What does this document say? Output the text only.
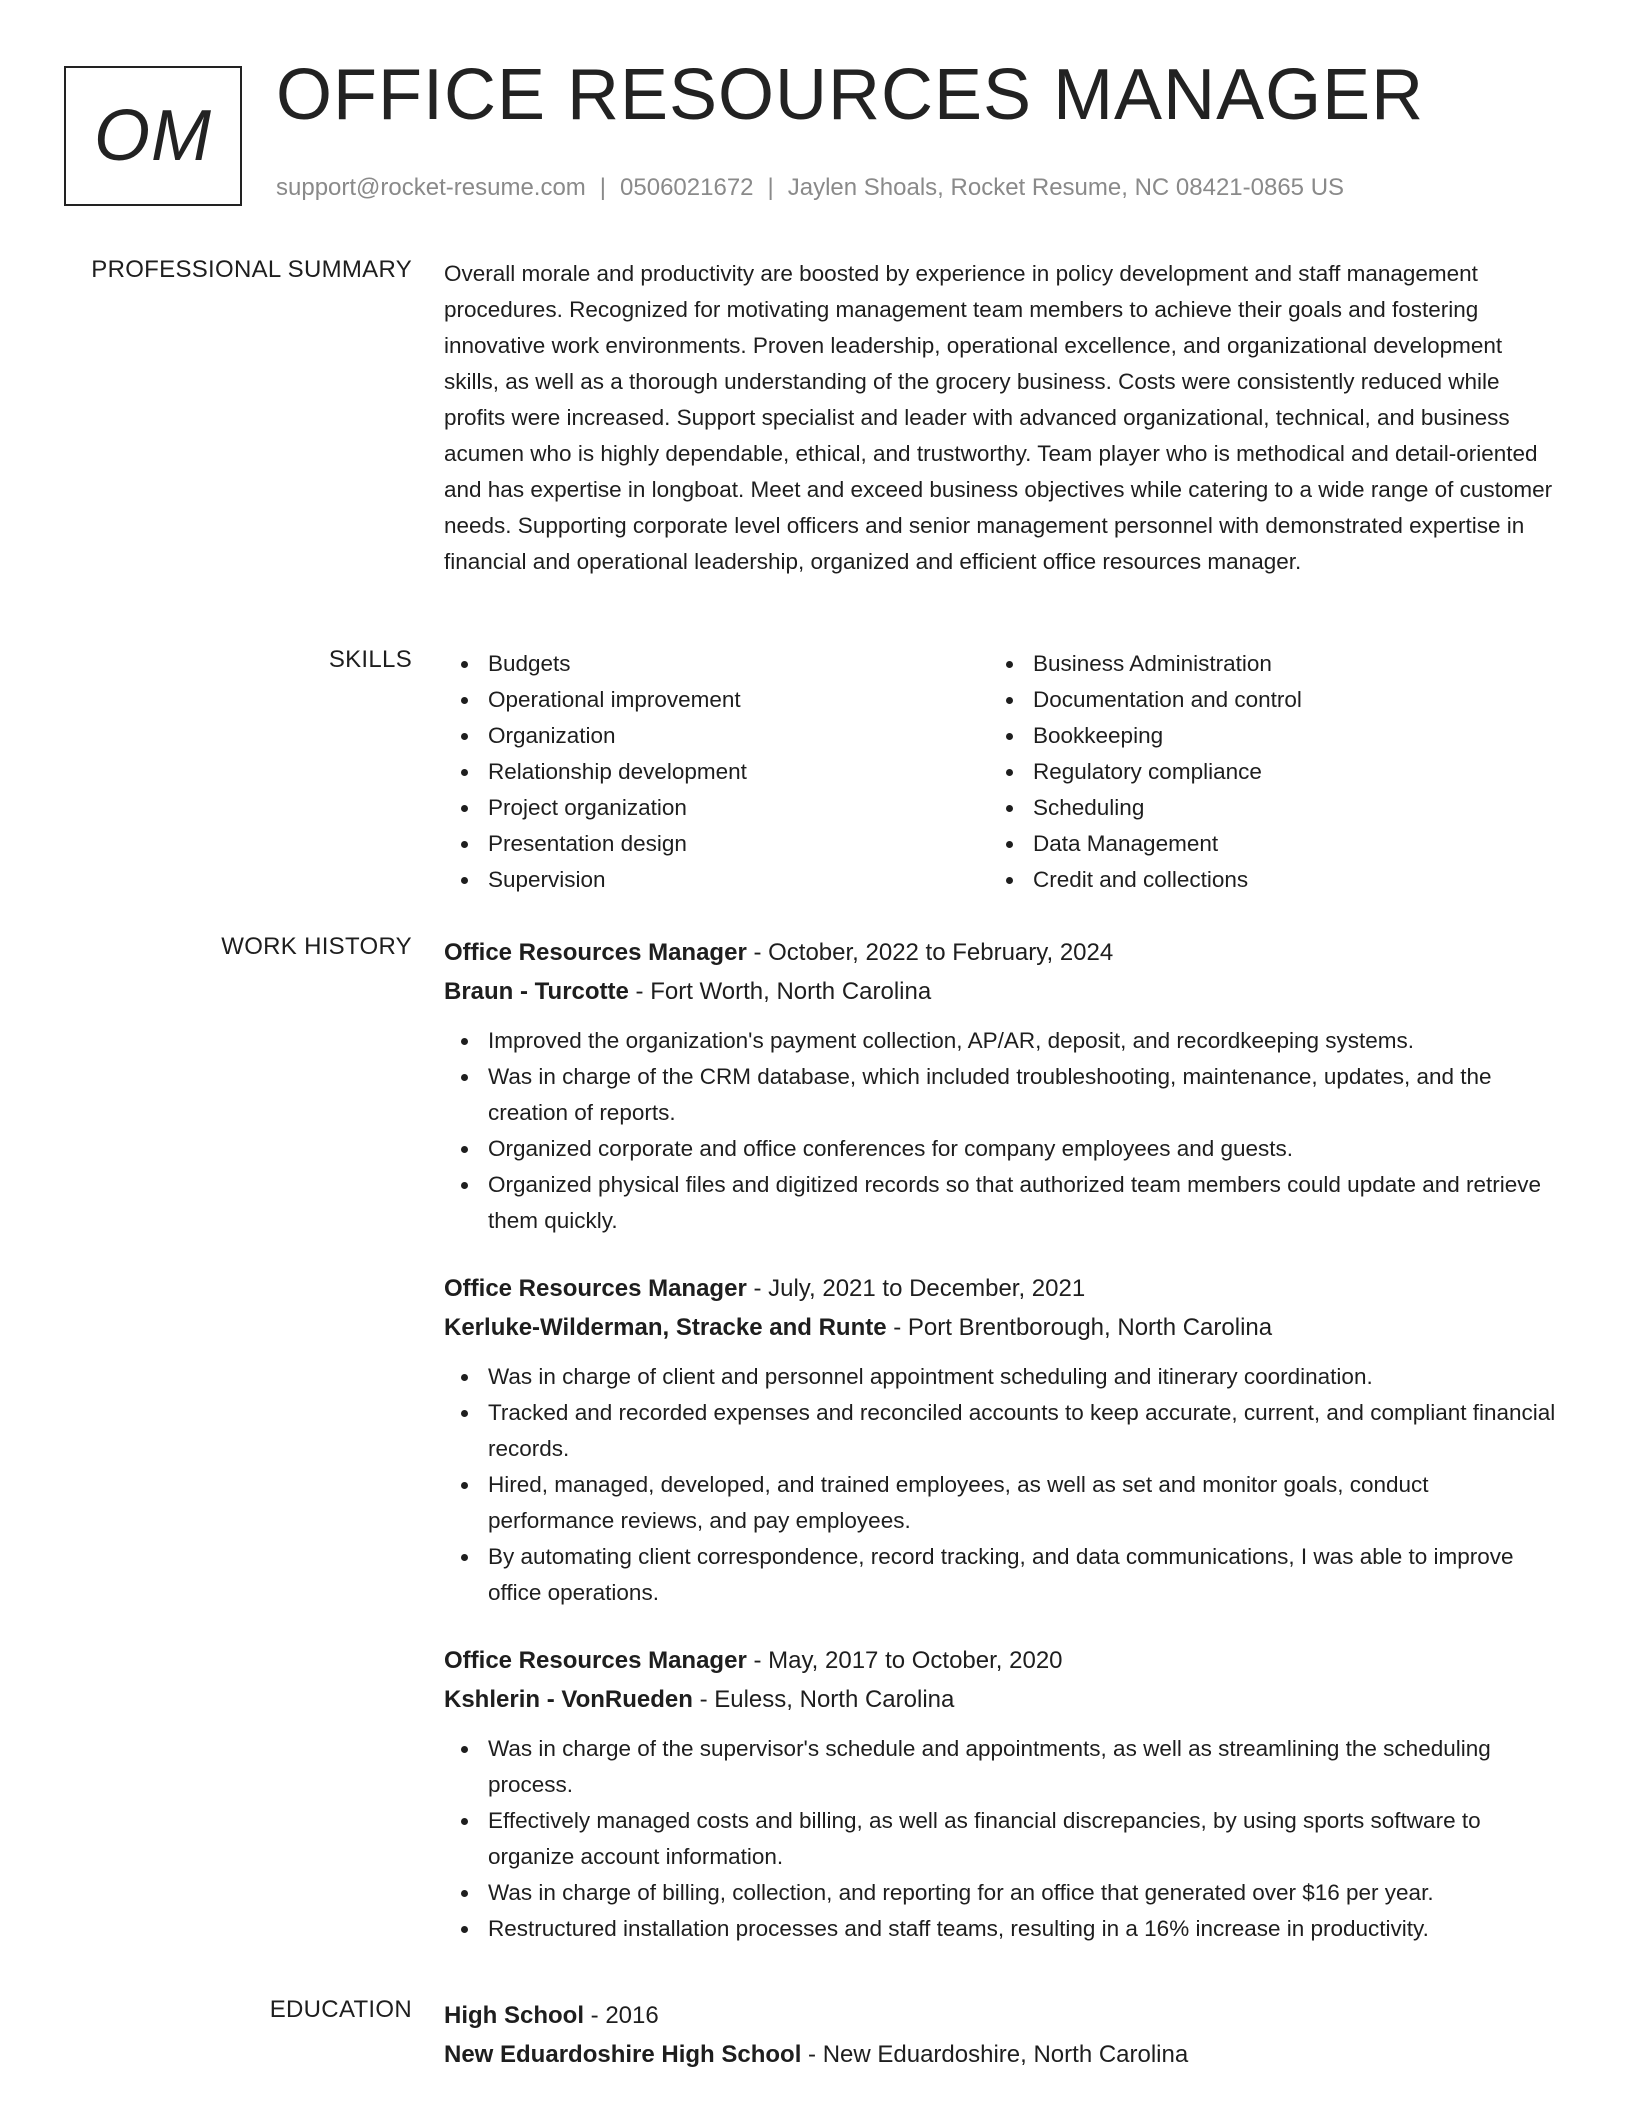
OM
OFFICE RESOURCES MANAGER
support@rocket-resume.com | 0506021672 | Jaylen Shoals, Rocket Resume, NC 08421-0865 US
PROFESSIONAL SUMMARY Overall morale and productivity are boosted by experience in policy development and staff management procedures. Recognized for motivating management team members to achieve their goals and fostering innovative work environments. Proven leadership, operational excellence, and organizational development skills, as well as a thorough understanding of the grocery business. Costs were consistently reduced while profits were increased. Support specialist and leader with advanced organizational, technical, and business acumen who is highly dependable, ethical, and trustworthy. Team player who is methodical and detail-oriented and has expertise in longboat. Meet and exceed business objectives while catering to a wide range of customer needs. Supporting corporate level officers and senior management personnel with demonstrated expertise in financial and operational leadership, organized and efficient office resources manager.

SKILLS	Budgets	Business Administration
Operational improvement	Documentation and control
Organization	Bookkeeping
Relationship development	Regulatory compliance
Project organization	Scheduling
Presentation design	Data Management
Supervision	Credit and collections
WORK HISTORY Office Resources Manager - October, 2022 to February, 2024
Braun - Turcotte - Fort Worth, North Carolina
Improved the organization's payment collection, AP/AR, deposit, and recordkeeping systems.
Was in charge of the CRM database, which included troubleshooting, maintenance, updates, and the creation of reports.
Organized corporate and office conferences for company employees and guests.
Organized physical files and digitized records so that authorized team members could update and retrieve them quickly.
Office Resources Manager - July, 2021 to December, 2021
Kerluke-Wilderman, Stracke and Runte - Port Brentborough, North Carolina
Was in charge of client and personnel appointment scheduling and itinerary coordination.
Tracked and recorded expenses and reconciled accounts to keep accurate, current, and compliant financial records.
Hired, managed, developed, and trained employees, as well as set and monitor goals, conduct performance reviews, and pay employees.
By automating client correspondence, record tracking, and data communications, I was able to improve office operations.
Office Resources Manager - May, 2017 to October, 2020
Kshlerin - VonRueden - Euless, North Carolina
Was in charge of the supervisor's schedule and appointments, as well as streamlining the scheduling process.
Effectively managed costs and billing, as well as financial discrepancies, by using sports software to organize account information.
Was in charge of billing, collection, and reporting for an office that generated over $16 per year.
Restructured installation processes and staff teams, resulting in a 16% increase in productivity.
EDUCATION High School - 2016
New Eduardoshire High School - New Eduardoshire, North Carolina
